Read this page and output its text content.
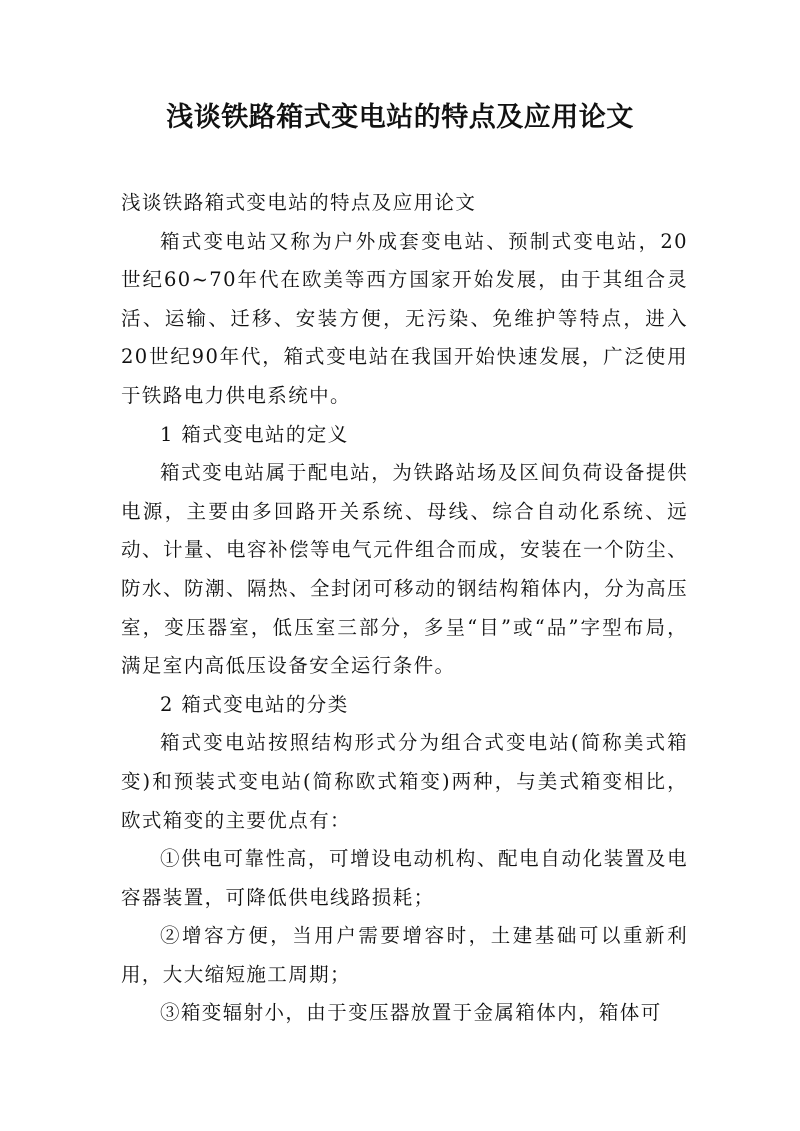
浅谈铁路箱式变电站的特点及应用论文

浅谈铁路箱式变电站的特点及应用论文

箱式变电站又称为户外成套变电站、预制式变电站，20世纪60~70年代在欧美等西方国家开始发展，由于其组合灵活、运输、迁移、安装方便，无污染、免维护等特点，进入20世纪90年代，箱式变电站在我国开始快速发展，广泛使用于铁路电力供电系统中。

1 箱式变电站的定义

箱式变电站属于配电站，为铁路站场及区间负荷设备提供电源，主要由多回路开关系统、母线、综合自动化系统、远动、计量、电容补偿等电气元件组合而成，安装在一个防尘、防水、防潮、隔热、全封闭可移动的钢结构箱体内，分为高压室，变压器室，低压室三部分，多呈“目”或“品”字型布局，满足室内高低压设备安全运行条件。

2 箱式变电站的分类

箱式变电站按照结构形式分为组合式变电站(简称美式箱变)和预装式变电站(简称欧式箱变)两种，与美式箱变相比，欧式箱变的主要优点有：

①供电可靠性高，可增设电动机构、配电自动化装置及电容器装置，可降低供电线路损耗；

②增容方便，当用户需要增容时，土建基础可以重新利用，大大缩短施工周期；

③箱变辐射小，由于变压器放置于金属箱体内，箱体可
